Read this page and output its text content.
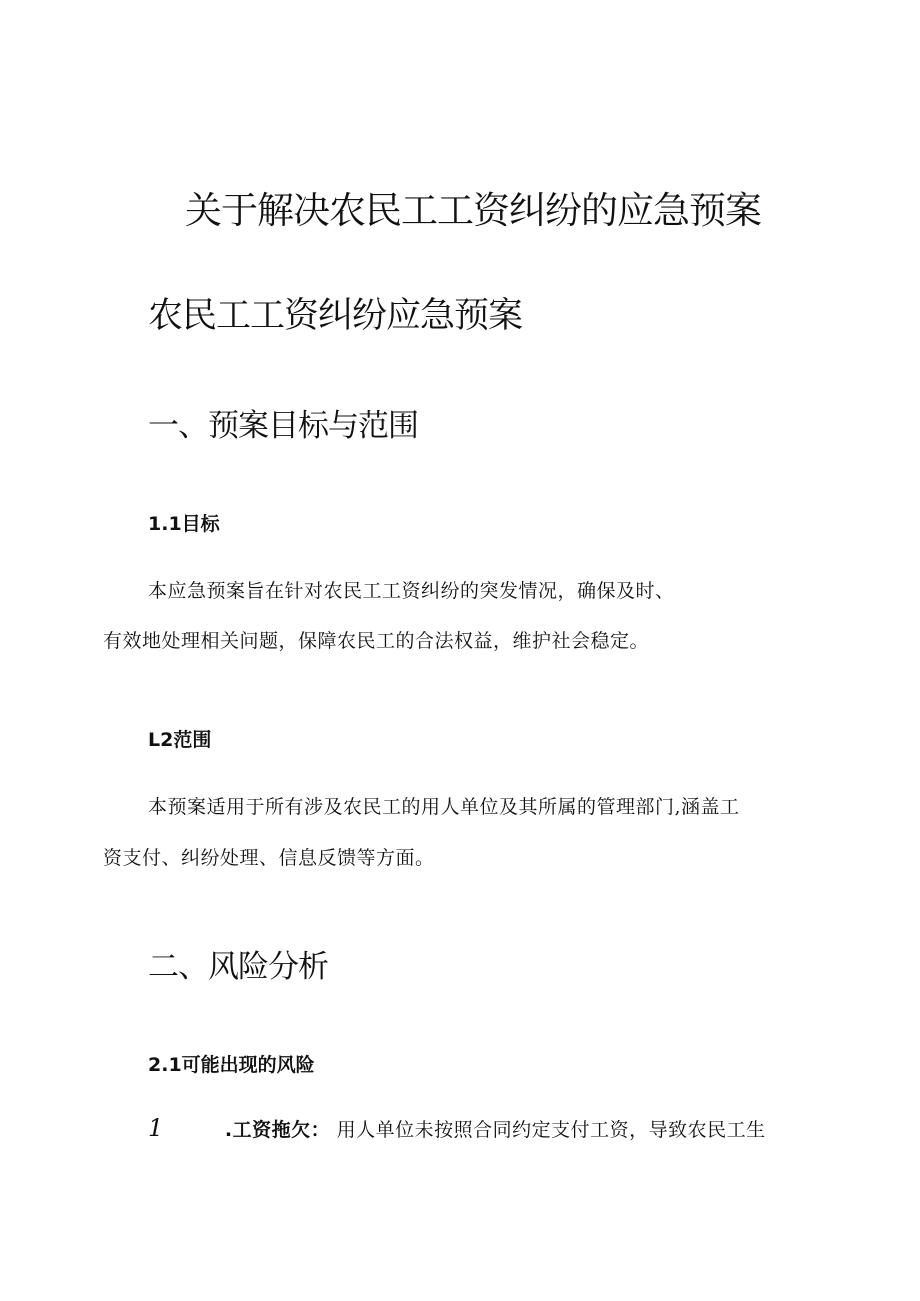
关于解决农民工工资纠纷的应急预案
农民工工资纠纷应急预案
一、预案目标与范围
1.1目标

本应急预案旨在针对农民工工资纠纷的突发情况，确保及时、

有效地处理相关问题，保障农民工的合法权益，维护社会稳定。

L2范围

本预案适用于所有涉及农民工的用人单位及其所属的管理部门,涵盖工

资支付、纠纷处理、信息反馈等方面。

二、风险分析
2.1可能出现的风险
1	.工资拖欠： 用人单位未按照合同约定支付工资，导致农民工生
